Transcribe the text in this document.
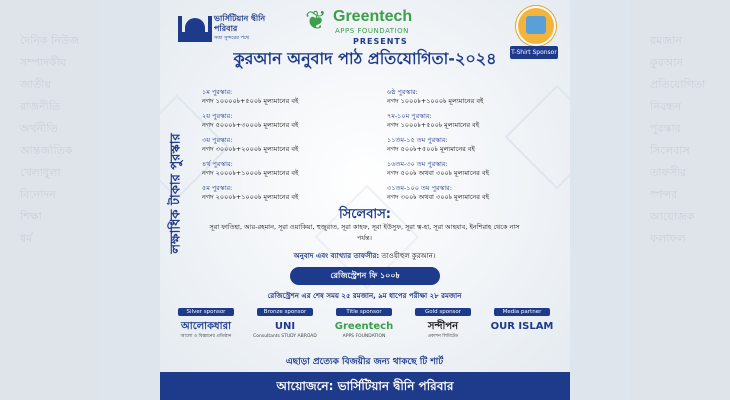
দৈনিক নিউজ
সম্পাদকীয়
জাতীয়
রাজনীতি
অর্থনীতি
আন্তর্জাতিক
খেলাধুলা
বিনোদন
শিক্ষা
ধর্ম
রমজান
কুরআন
প্রতিযোগিতা
নিবন্ধন
পুরস্কার
সিলেবাস
তাফসীর
স্পন্সর
আয়োজক
ফলাফল
ভার্সিটিয়ান দ্বীনি পরিবার
সত্য সুন্দরের পথে
❦ Greentech
APPS FOUNDATION
PRESENTS
T-Shirt Sponsor
কুরআন অনুবাদ পাঠ প্রতিযোগিতা-২০২৪
লক্ষাধিক টাকার পুরস্কার
১ম পুরস্কার:
নগদ ১০০০০৳+৫০০৳ মূল্যমানের বই
২য় পুরস্কার:
নগদ ৫০০০৳+৩০০০৳ মূল্যমানের বই
৩য় পুরস্কার:
নগদ ৩০০০৳+২০০০৳ মূল্যমানের বই
৪র্থ পুরস্কার:
নগদ ২০০০৳+১০০০৳ মূল্যমানের বই
৫ম পুরস্কার:
নগদ ২০০০৳+১০০০৳ মূল্যমানের বই
৬ষ্ঠ পুরস্কার:
নগদ ১০০০৳+১০০০৳ মূল্যমানের বই
৭ম-১০ম পুরস্কার:
নগদ ১০০০৳+৫০০৳ মূল্যমানের বই
১১তম-১৫ তম পুরস্কার:
নগদ ৫০০৳+৫০০৳ মূল্যমানের বই
১৬তম-৩০ তম পুরস্কার:
নগদ ৫০০৳ অথবা ৩০০৳ মূল্যমানের বই
৩১তম-১০০ তম পুরস্কার:
নগদ ৩০০৳ অথবা ৩০০৳ মূল্যমানের বই
সিলেবাস:
সূরা ফাতিহা, আর-রহমান, সূরা ওয়াকিয়া, হুজুরাত, সূরা কাহফ, সূরা ইউসুফ, সূরা ত্ব-হা, সূরা আহযাব, ইনশিরাহ থেকে নাস পর্যন্ত।
অনুবাদ এবং ব্যাখ্যার তাফসীর: তাওযীহুল কুরআন।
রেজিস্ট্রেশন ফি ১০০৳
রেজিস্ট্রেশন এর শেষ সময় ২৫ রমজান, ৯ম ধাপের পরীক্ষা ২৮ রমজান
Silver sponsor
আলোকধারা
আলো ও বিজ্ঞানের প্রতিষ্ঠান
Bronze sponsor
UNI
Consultants STUDY ABROAD
Title sponsor
Greentech
APPS FOUNDATION
Gold sponsor
সন্দীপন
প্রকাশন লিমিটেড
Media partner
OUR ISLAM
এছাড়া প্রত্যেক বিজয়ীর জন্য থাকছে টি শার্ট
আয়োজনে: ভার্সিটিয়ান দ্বীনি পরিবার
